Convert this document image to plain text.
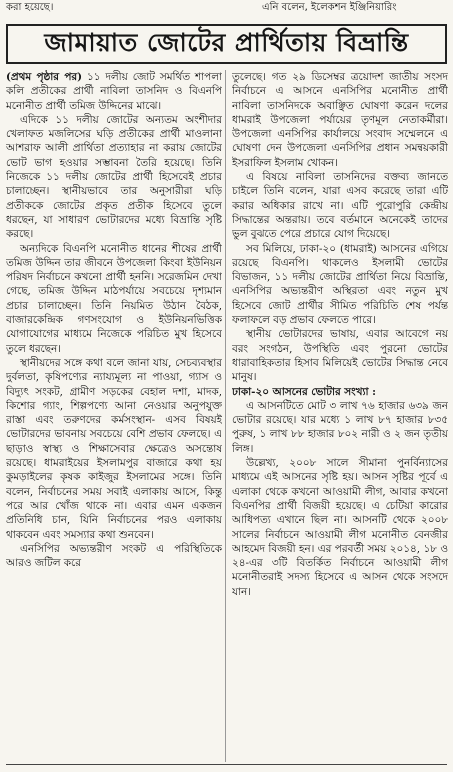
করা হয়েছে।	এনি বলেন, ইলেকশন ইঞ্জিনিয়ারিং
জামায়াত জোটের প্রার্থিতায় বিভ্রান্তি

(প্রথম পৃষ্ঠার পর) ১১ দলীয় জোট সমর্থিত শাপলা কলি প্রতীকের প্রার্থী নাবিলা তাসনিদ ও বিএনপি মনোনীত প্রার্থী তমিজ উদ্দিনের মাঝে।

এদিকে ১১ দলীয় জোটের অন্যতম অংশীদার খেলাফত মজলিসের ঘড়ি প্রতীকের প্রার্থী মাওলানা আশরাফ আলী প্রার্থিতা প্রত্যাহার না করায় জোটের ভোট ভাগ হওয়ার সম্ভাবনা তৈরি হয়েছে। তিনি নিজেকে ১১ দলীয় জোটের প্রার্থী হিসেবেই প্রচার চালাচ্ছেন। স্থানীয়ভাবে তার অনুসারীরা ঘড়ি প্রতীককে জোটের প্রকৃত প্রতীক হিসেবে তুলে ধরছেন, যা সাধারণ ভোটারদের মধ্যে বিভ্রান্তি সৃষ্টি করছে।

অন্যদিকে বিএনপি মনোনীত ধানের শীষের প্রার্থী তমিজ উদ্দিন তার জীবনে উপজেলা কিংবা ইউনিয়ন পরিষদ নির্বাচনে কখনো প্রার্থী হননি। সরেজমিন দেখা গেছে, তমিজ উদ্দিন মাঠপর্যায়ে সবচেয়ে দৃশ্যমান প্রচার চালাচ্ছেন। তিনি নিয়মিত উঠান বৈঠক, বাজারকেন্দ্রিক গণসংযোগ ও ইউনিয়নভিত্তিক যোগাযোগের মাধ্যমে নিজেকে পরিচিত মুখ হিসেবে তুলে ধরছেন।

স্থানীয়দের সঙ্গে কথা বলে জানা যায়, সেচব্যবস্থার দুর্বলতা, কৃষিপণ্যের ন্যায্যমূল্য না পাওয়া, গ্যাস ও বিদ্যুৎ সংকট, গ্রামীণ সড়কের বেহাল দশা, মাদক, কিশোর গ্যাং, শিল্পপণ্যে আনা নেওয়ার অনুপযুক্ত রাস্তা এবং তরুণদের কর্মসংস্থান- এসব বিষয়ই ভোটারদের ভাবনায় সবচেয়ে বেশি প্রভাব ফেলছে। এ ছাড়াও স্বাস্থ্য ও শিক্ষাসেবার ক্ষেত্রেও অসন্তোষ রয়েছে। ধামরাইয়ের ইসলামপুর বাজারে কথা হয় কুমড়াইলের কৃষক কাইজুর ইসলামের সঙ্গে। তিনি বলেন, নির্বাচনের সময় সবাই এলাকায় আসে, কিন্তু পরে আর খোঁজ থাকে না। এবার এমন একজন প্রতিনিধি চান, যিনি নির্বাচনের পরও এলাকায় থাকবেন এবং সমস্যার কথা শুনবেন।

এনসিপির অভ্যন্তরীণ সংকট এ পরিস্থিতিকে আরও জটিল করে

তুলেছে। গত ২৯ ডিসেম্বর ত্রয়োদশ জাতীয় সংসদ নির্বাচনে এ আসনে এনসিপির মনোনীত প্রার্থী নাবিলা তাসনিদকে অবাঞ্ছিত ঘোষণা করেন দলের ধামরাই উপজেলা পর্যায়ের তৃণমূল নেতাকর্মীরা। উপজেলা এনসিপির কার্যালয়ে সংবাদ সম্মেলনে এ ঘোষণা দেন উপজেলা এনসিপির প্রধান সমন্বয়কারী ইসরাফিল ইসলাম খোকন।

এ বিষয়ে নাবিলা তাসনিদের বক্তব্য জানতে চাইলে তিনি বলেন, যারা এসব করেছে তারা এটি করার অধিকার রাখে না। এটি পুরোপুরি কেন্দ্রীয় সিদ্ধান্তের অন্তরায়। তবে বর্তমানে অনেকেই তাদের ভুল বুঝতে পেরে প্রচারে যোগ দিয়েছে।

সব মিলিয়ে, ঢাকা-২০ (ধামরাই) আসনের এগিয়ে রয়েছে বিএনপি। থাকলেও ইসলামী ভোটের বিভাজন, ১১ দলীয় জোটের প্রার্থিতা নিয়ে বিভ্রান্তি, এনসিপির অভ্যন্তরীণ অস্থিরতা এবং নতুন মুখ হিসেবে জোট প্রার্থীর সীমিত পরিচিতি শেষ পর্যন্ত ফলাফলে বড় প্রভাব ফেলতে পারে।

স্থানীয় ভোটারদের ভাষায়, এবার আবেগে নয় বরং সংগঠন, উপস্থিতি এবং পুরনো ভোটের ধারাবাহিকতার হিসাব মিলিয়েই ভোটের সিদ্ধান্ত নেবে মানুষ।

ঢাকা-২০ আসনের ভোটার সংখ্যা :

এ আসনটিতে মোট ৩ লাখ ৭৬ হাজার ৬৩৯ জন ভোটার রয়েছে। যার মধ্যে ১ লাখ ৮৭ হাজার ৮৩৫ পুরুষ, ১ লাখ ৮৮ হাজার ৮০২ নারী ও ২ জন তৃতীয় লিঙ্গ।

উল্লেখ্য, ২০০৮ সালে সীমানা পুনর্বিন্যাসের মাধ্যমে এই আসনের সৃষ্টি হয়। আসন সৃষ্টির পূর্বে এ এলাকা থেকে কখনো আওয়ামী লীগ, আবার কখনো বিএনপির প্রার্থী বিজয়ী হয়েছে। এ চেটিয়া কারোর আধিপত্য এখানে ছিল না। আসনটি থেকে ২০০৮ সালের নির্বাচনে আওয়ামী লীগ মনোনীত বেনজীর আহমেদ বিজয়ী হন। এর পরবর্তী সময় ২০১৪, ১৮ ও ২৪-এর ৩টি বিতর্কিত নির্বাচনে আওয়ামী লীগ মনোনীতরাই সদস্য হিসেবে এ আসন থেকে সংসদে যান।
